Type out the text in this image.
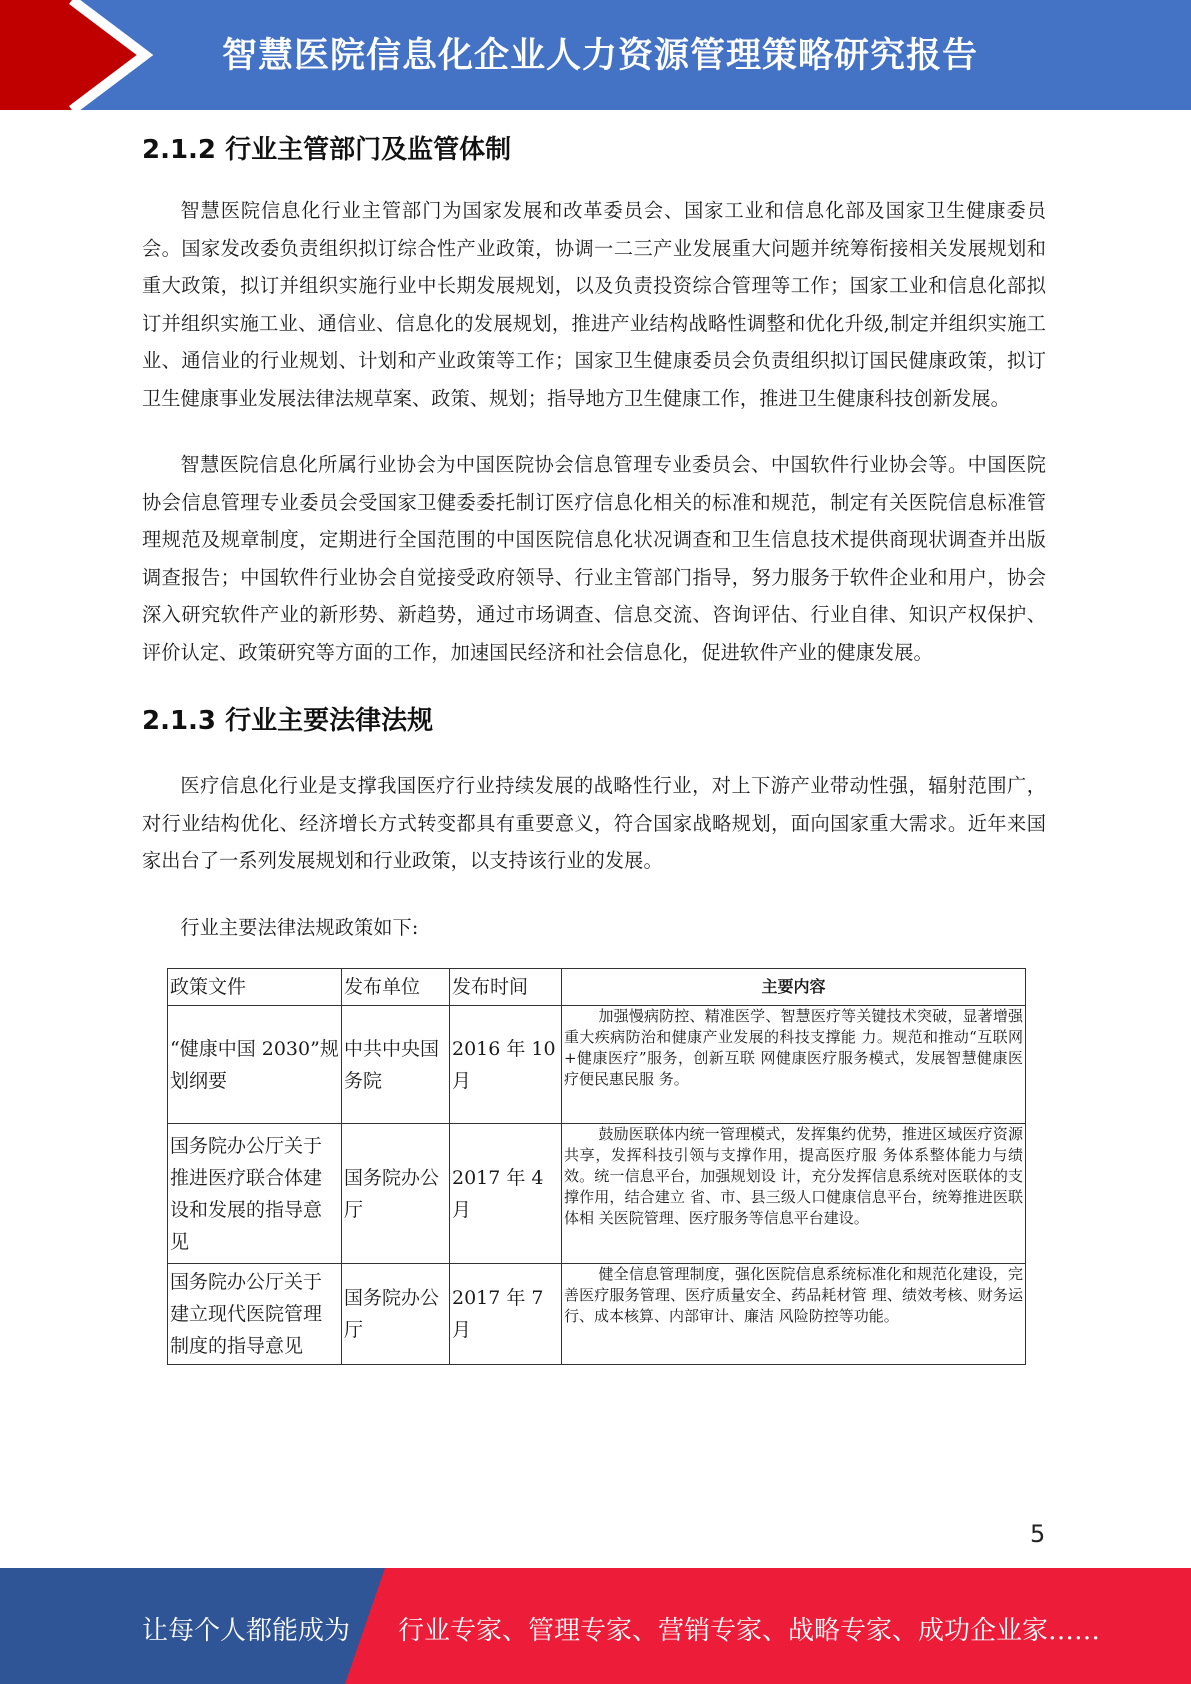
智慧医院信息化企业人力资源管理策略研究报告
2.1.2 行业主管部门及监管体制

智慧医院信息化行业主管部门为国家发展和改革委员会、国家工业和信息化部及国家卫生健康委员会。国家发改委负责组织拟订综合性产业政策，协调一二三产业发展重大问题并统筹衔接相关发展规划和重大政策，拟订并组织实施行业中长期发展规划，以及负责投资综合管理等工作；国家工业和信息化部拟订并组织实施工业、通信业、信息化的发展规划，推进产业结构战略性调整和优化升级,制定并组织实施工业、通信业的行业规划、计划和产业政策等工作；国家卫生健康委员会负责组织拟订国民健康政策，拟订卫生健康事业发展法律法规草案、政策、规划；指导地方卫生健康工作，推进卫生健康科技创新发展。

智慧医院信息化所属行业协会为中国医院协会信息管理专业委员会、中国软件行业协会等。中国医院协会信息管理专业委员会受国家卫健委委托制订医疗信息化相关的标准和规范，制定有关医院信息标准管理规范及规章制度，定期进行全国范围的中国医院信息化状况调查和卫生信息技术提供商现状调查并出版调查报告；中国软件行业协会自觉接受政府领导、行业主管部门指导，努力服务于软件企业和用户，协会深入研究软件产业的新形势、新趋势，通过市场调查、信息交流、咨询评估、行业自律、知识产权保护、评价认定、政策研究等方面的工作，加速国民经济和社会信息化，促进软件产业的健康发展。

2.1.3 行业主要法律法规

医疗信息化行业是支撑我国医疗行业持续发展的战略性行业，对上下游产业带动性强，辐射范围广，对行业结构优化、经济增长方式转变都具有重要意义，符合国家战略规划，面向国家重大需求。近年来国家出台了一系列发展规划和行业政策，以支持该行业的发展。

行业主要法律法规政策如下:

政策文件	发布单位	发布时间	主要内容
“健康中国 2030”规划纲要	中共中央国务院	2016 年 10 月	加强慢病防控、精准医学、智慧医疗等关键技术突破，显著增强重大疾病防治和健康产业发展的科技支撑能 力。规范和推动“互联网+健康医疗”服务，创新互联 网健康医疗服务模式，发展智慧健康医疗便民惠民服 务。
国务院办公厅关于推进医疗联合体建设和发展的指导意见	国务院办公厅	2017 年 4 月	鼓励医联体内统一管理模式，发挥集约优势，推进区域医疗资源共享，发挥科技引领与支撑作用，提高医疗服 务体系整体能力与绩效。统一信息平台，加强规划设 计，充分发挥信息系统对医联体的支撑作用，结合建立 省、市、县三级人口健康信息平台，统筹推进医联体相 关医院管理、医疗服务等信息平台建设。
国务院办公厅关于建立现代医院管理制度的指导意见	国务院办公厅	2017 年 7 月	健全信息管理制度，强化医院信息系统标准化和规范化建设，完善医疗服务管理、医疗质量安全、药品耗材管 理、绩效考核、财务运行、成本核算、内部审计、廉洁 风险防控等功能。
5
让每个人都能成为 行业专家、管理专家、营销专家、战略专家、成功企业家……
